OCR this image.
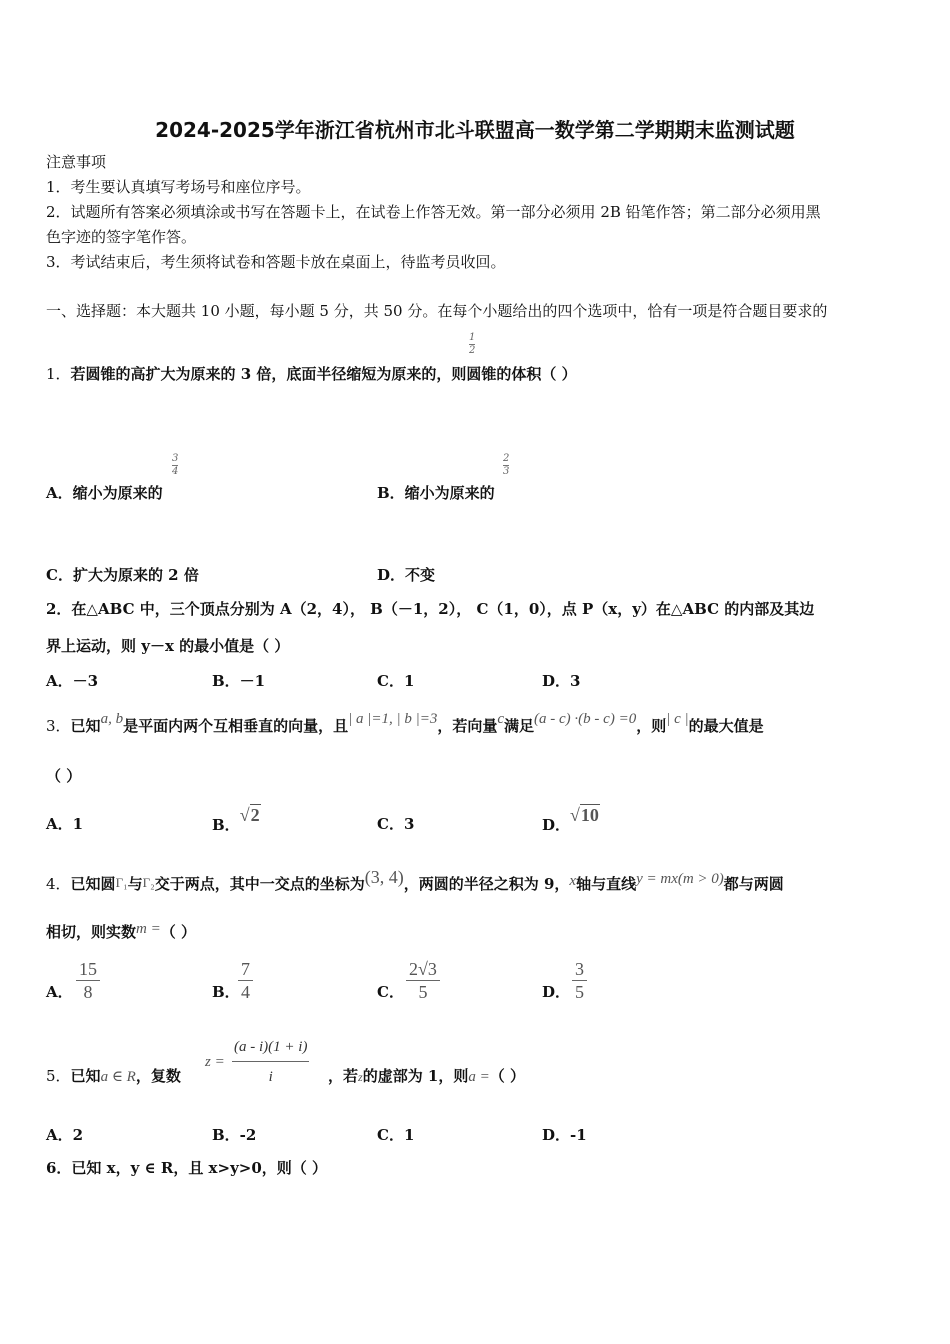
2024-2025学年浙江省杭州市北斗联盟高一数学第二学期期末监测试题
注意事项
1．考生要认真填写考场号和座位序号。
2．试题所有答案必须填涂或书写在答题卡上，在试卷上作答无效。第一部分必须用 2B 铅笔作答；第二部分必须用黑
色字迹的签字笔作答。
3．考试结束后，考生须将试卷和答题卡放在桌面上，待监考员收回。
一、选择题：本大题共 10 小题，每小题 5 分，共 50 分。在每个小题给出的四个选项中，恰有一项是符合题目要求的
$\frac{1}{2}$
1．若圆锥的高扩大为原来的 3 倍，底面半径缩短为原来的，则圆锥的体积（ ）
$\frac{3}{4}$
A．缩小为原来的
$\frac{2}{3}$
B．缩小为原来的
C．扩大为原来的 2 倍	D．不变
2．在△ABC 中，三个顶点分别为 A（2，4）， B（－1，2）， C（1，0），点 P（x，y）在△ABC 的内部及其边
界上运动，则 y－x 的最小值是（ ）
A．－3	B．－1	C．1	D．3
3．已知a, b是平面内两个互相垂直的向量，且| a |=1, | b |=3，若向量c满足(a - c) ·(b - c) =0，则| c |的最大值是
（ ）
A．1	B．√2	C．3	D．√10
4．已知圆Γ₁与Γ₂交于两点，其中一交点的坐标为(3, 4)，两圆的半径之积为 9，x轴与直线y = mx(m > 0)都与两圆
相切，则实数m =（ ）
A． $\frac{15}{8}$	B．
$\frac{7}{4}$	C． $\frac{2√3}{5}$	D． $\frac{3}{5}$
5．已知a ∈ R，复数
$z = \frac{(a - i)(1 + i)}{i}$ ，若z的虚部为 1，则a =（ ）
A．2	B．-2	C．1	D．-1
6．已知 x，y ∈ R，且 x>y>0，则（ ）
